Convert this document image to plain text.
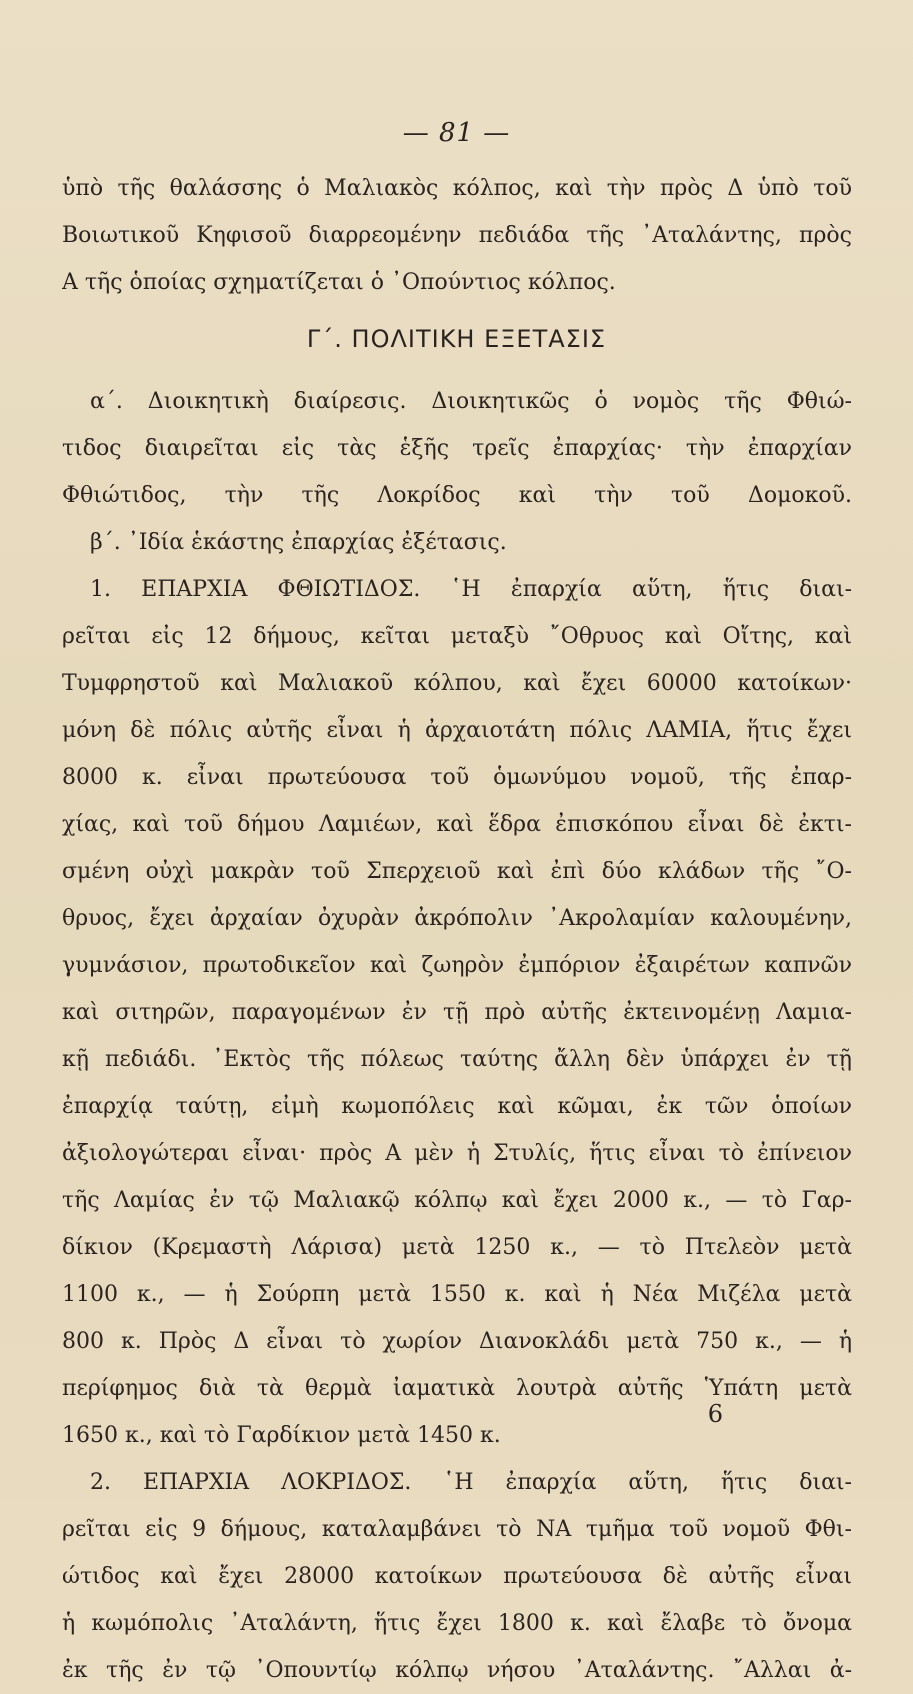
— 81 —
ὑπὸ τῆς θαλάσσης ὁ Μαλιακὸς κόλπος, καὶ τὴν πρὸς Δ ὑπὸ τοῦ
Βοιωτικοῦ Κηφισοῦ διαρρεομένην πεδιάδα τῆς ᾿Αταλάντης, πρὸς
Α τῆς ὁποίας σχηματίζεται ὁ ᾿Οπούντιος κόλπος.
Γ΄. ΠΟΛΙΤΙΚΗ ΕΞΕΤΑΣΙΣ
α΄. Διοικητικὴ διαίρεσις. Διοικητικῶς ὁ νομὸς τῆς Φθιώ-
τιδος διαιρεῖται εἰς τὰς ἑξῆς τρεῖς ἐπαρχίας· τὴν ἐπαρχίαν
Φθιώτιδος, τὴν τῆς Λοκρίδος καὶ τὴν τοῦ Δομοκοῦ.
β΄. ᾿Ιδία ἑκάστης ἐπαρχίας ἐξέτασις.
1. ΕΠΑΡΧΙΑ ΦΘΙΩΤΙΔΟΣ. ῾Η ἐπαρχία αὕτη, ἥτις διαι-
ρεῖται εἰς 12 δήμους, κεῖται μεταξὺ ῎Οθρυος καὶ Οἴτης, καὶ
Τυμφρηστοῦ καὶ Μαλιακοῦ κόλπου, καὶ ἔχει 60000 κατοίκων·
μόνη δὲ πόλις αὐτῆς εἶναι ἡ ἀρχαιοτάτη πόλις ΛΑΜΙΑ, ἥτις ἔχει
8000 κ. εἶναι πρωτεύουσα τοῦ ὁμωνύμου νομοῦ, τῆς ἐπαρ-
χίας, καὶ τοῦ δήμου Λαμιέων, καὶ ἕδρα ἐπισκόπου εἶναι δὲ ἐκτι-
σμένη οὐχὶ μακρὰν τοῦ Σπερχειοῦ καὶ ἐπὶ δύο κλάδων τῆς ῎Ο-
θρυος, ἔχει ἀρχαίαν ὀχυρὰν ἀκρόπολιν ᾿Ακρολαμίαν καλουμένην,
γυμνάσιον, πρωτοδικεῖον καὶ ζωηρὸν ἐμπόριον ἐξαιρέτων καπνῶν
καὶ σιτηρῶν, παραγομένων ἐν τῇ πρὸ αὐτῆς ἐκτεινομένῃ Λαμια-
κῇ πεδιάδι. ᾿Εκτὸς τῆς πόλεως ταύτης ἄλλη δὲν ὑπάρχει ἐν τῇ
ἐπαρχίᾳ ταύτῃ, εἰμὴ κωμοπόλεις καὶ κῶμαι, ἐκ τῶν ὁποίων
ἀξιολογώτεραι εἶναι· πρὸς Α μὲν ἡ Στυλίς, ἥτις εἶναι τὸ ἐπίνειον
τῆς Λαμίας ἐν τῷ Μαλιακῷ κόλπῳ καὶ ἔχει 2000 κ., — τὸ Γαρ-
δίκιον (Κρεμαστὴ Λάρισα) μετὰ 1250 κ., — τὸ Πτελεὸν μετὰ
1100 κ., — ἡ Σούρπη μετὰ 1550 κ. καὶ ἡ Νέα Μιζέλα μετὰ
800 κ. Πρὸς Δ εἶναι τὸ χωρίον Διανοκλάδι μετὰ 750 κ., — ἡ
περίφημος διὰ τὰ θερμὰ ἰαματικὰ λουτρὰ αὐτῆς Ὑπάτη μετὰ
1650 κ., καὶ τὸ Γαρδίκιον μετὰ 1450 κ.
2. ΕΠΑΡΧΙΑ ΛΟΚΡΙΔΟΣ. ῾Η ἐπαρχία αὕτη, ἥτις διαι-
ρεῖται εἰς 9 δήμους, καταλαμβάνει τὸ ΝΑ τμῆμα τοῦ νομοῦ Φθι-
ώτιδος καὶ ἔχει 28000 κατοίκων πρωτεύουσα δὲ αὐτῆς εἶναι
ἡ κωμόπολις ᾿Αταλάντη, ἥτις ἔχει 1800 κ. καὶ ἔλαβε τὸ ὄνομα
ἐκ τῆς ἐν τῷ ᾿Οπουντίῳ κόλπῳ νήσου ᾿Αταλάντης. ῎Αλλαι ἀ-
6
